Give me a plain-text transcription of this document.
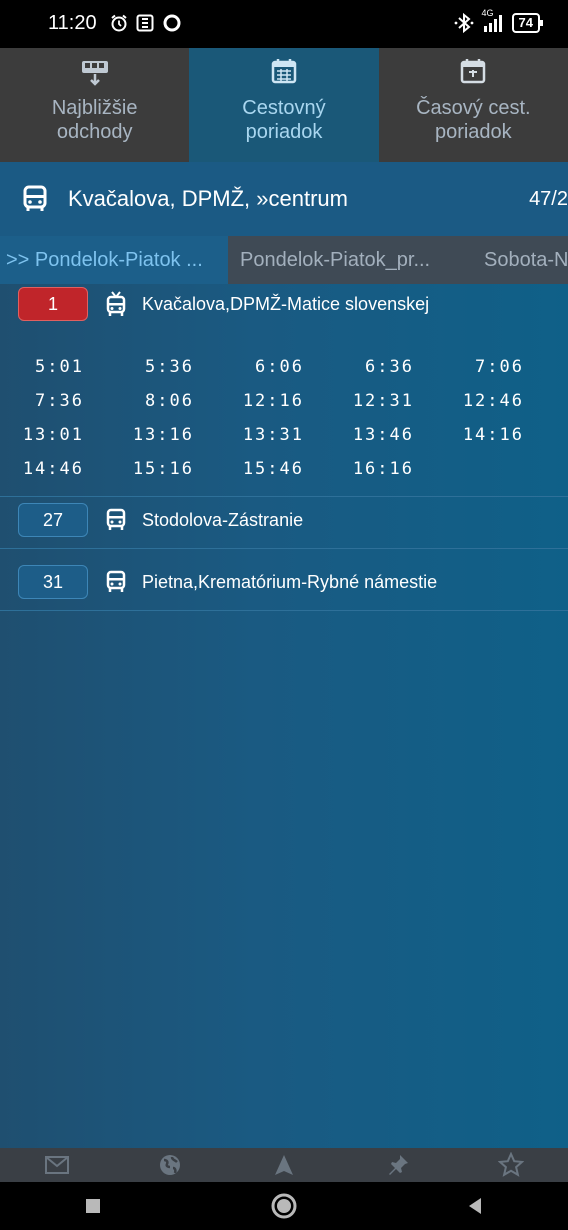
11:20	4G
74
Najbližšie
odchody
Cestovný
poriadok
Časový cest.
poriadok
Kvačalova, DPMŽ, »centrum	47/2
>> Pondelok-Piatok ...	Pondelok-Piatok_pr...	Sobota-N
1	Kvačalova,DPMŽ-Matice slovenskej
5:01	5:36	6:06	6:36	7:06
7:36	8:06	12:16	12:31	12:46
13:01	13:16	13:31	13:46	14:16
14:46	15:16	15:46	16:16
27	Stodolova-Zástranie
31	Pietna,Krematórium-Rybné námestie
